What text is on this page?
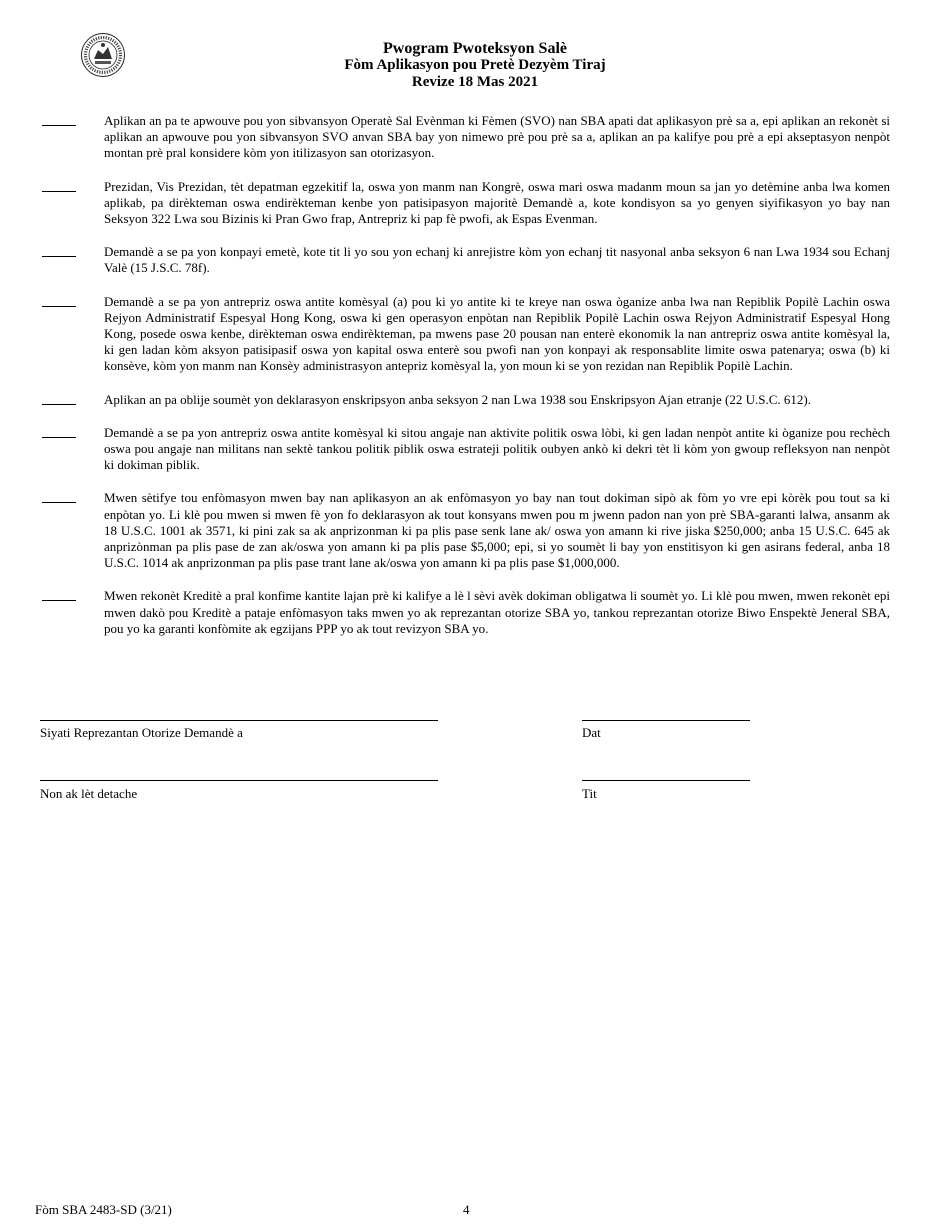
Pwogram Pwoteksyon Salè
Fòm Aplikasyon pou Pretè Dezyèm Tiraj
Revize 18 Mas 2021
Aplikan an pa te apwouve pou yon sibvansyon Operatè Sal Evènman ki Fèmen (SVO) nan SBA apati dat aplikasyon prè sa a, epi aplikan an rekonèt si aplikan an apwouve pou yon sibvansyon SVO anvan SBA bay yon nimewo prè pou prè sa a, aplikan an pa kalifye pou prè a epi akseptasyon nenpòt montan prè pral konsidere kòm yon itilizasyon san otorizasyon.
Prezidan, Vis Prezidan, tèt depatman egzekitif la, oswa yon manm nan Kongrè, oswa mari oswa madanm moun sa jan yo detèmine anba lwa komen aplikab, pa dirèkteman oswa endirèkteman kenbe yon patisipasyon majoritè Demandè a, kote kondisyon sa yo genyen siyifikasyon yo bay nan Seksyon 322 Lwa sou Bizinis ki Pran Gwo frap, Antrepriz ki pap fè pwofi, ak Espas Evenman.
Demandè a se pa yon konpayi emetè, kote tit li yo sou yon echanj ki anrejistre kòm yon echanj tit nasyonal anba seksyon 6 nan Lwa 1934 sou Echanj Valè (15 J.S.C. 78f).
Demandè a se pa yon antrepriz oswa antite komèsyal (a) pou ki yo antite ki te kreye nan oswa òganize anba lwa nan Repiblik Popilè Lachin oswa Rejyon Administratif Espesyal Hong Kong, oswa ki gen operasyon enpòtan nan Repiblik Popilè Lachin oswa Rejyon Administratif Espesyal Hong Kong, posede oswa kenbe, dirèkteman oswa endirèkteman, pa mwens pase 20 pousan nan enterè ekonomik la nan antrepriz oswa antite komèsyal la, ki gen ladan kòm aksyon patisipasif oswa yon kapital oswa enterè sou pwofi nan yon konpayi ak responsablite limite oswa patenarya; oswa (b) ki konsève, kòm yon manm nan Konsèy administrasyon antepriz komèsyal la, yon moun ki se yon rezidan nan Repiblik Popilè Lachin.
Aplikan an pa oblije soumèt yon deklarasyon enskripsyon anba seksyon 2 nan Lwa 1938 sou Enskripsyon Ajan etranje (22 U.S.C. 612).
Demandè a se pa yon antrepriz oswa antite komèsyal ki sitou angaje nan aktivite politik oswa lòbi, ki gen ladan nenpòt antite ki òganize pou rechèch oswa pou angaje nan militans nan sektè tankou politik piblik oswa estrateji politik oubyen ankò ki dekri tèt li kòm yon gwoup refleksyon nan nenpòt ki dokiman piblik.
Mwen sètifye tou enfòmasyon mwen bay nan aplikasyon an ak enfòmasyon yo bay nan tout dokiman sipò ak fòm yo vre epi kòrèk pou tout sa ki enpòtan yo. Li klè pou mwen si mwen fè yon fo deklarasyon ak tout konsyans mwen pou m jwenn padon nan yon prè SBA-garanti lalwa, ansanm ak 18 U.S.C. 1001 ak 3571, ki pini zak sa ak anprizonman ki pa plis pase senk lane ak/ oswa yon amann ki rive jiska $250,000; anba 15 U.S.C. 645 ak anprizònman pa plis pase de zan ak/oswa yon amann ki pa plis pase $5,000; epi, si yo soumèt li bay yon enstitisyon ki gen asirans federal, anba 18 U.S.C. 1014 ak anprizonman pa plis pase trant lane ak/oswa yon amann ki pa plis pase $1,000,000.
Mwen rekonèt Kreditè a pral konfime kantite lajan prè ki kalifye a lè l sèvi avèk dokiman obligatwa li soumèt yo. Li klè pou mwen, mwen rekonèt epi mwen dakò pou Kreditè a pataje enfòmasyon taks mwen yo ak reprezantan otorize SBA yo, tankou reprezantan otorize Biwo Enspektè Jeneral SBA, pou yo ka garanti konfòmite ak egzijans PPP yo ak tout revizyon SBA yo.
Siyati Reprezantan Otorize Demandè a	Dat
Non ak lèt detache	Tit
Fòm SBA 2483-SD (3/21)	4
